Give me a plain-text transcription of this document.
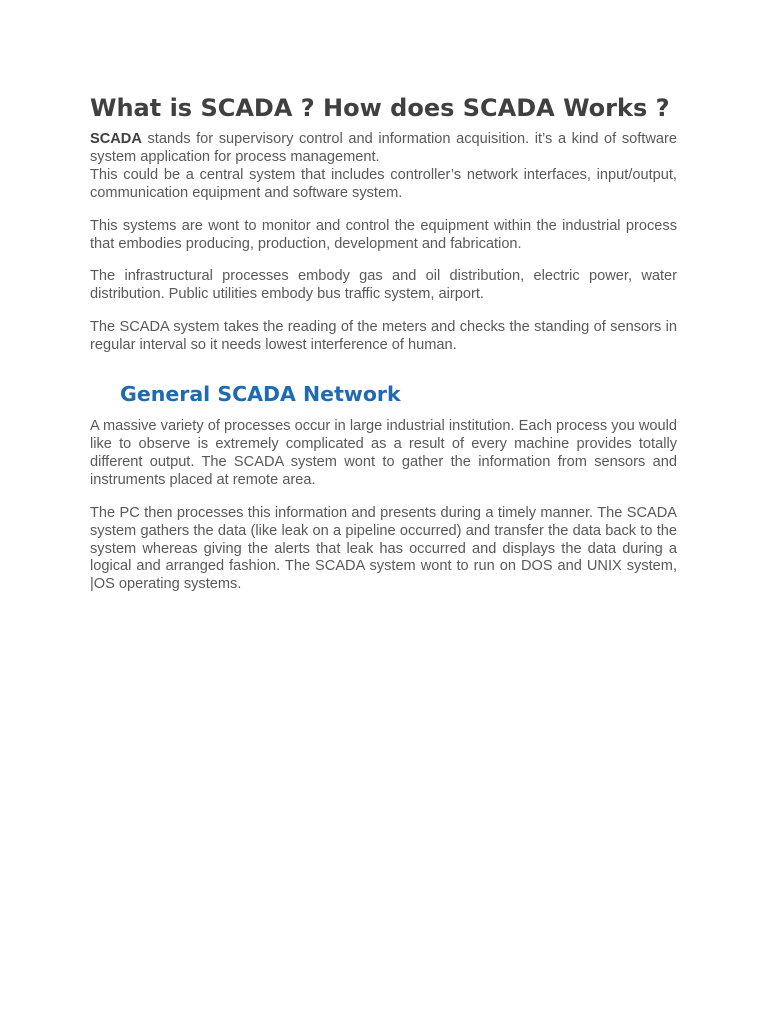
What is SCADA ? How does SCADA Works ?

SCADA stands for supervisory control and information acquisition. it’s a kind of software system application for process management.

This could be a central system that includes controller’s network interfaces, input/output, communication equipment and software system.

This systems are wont to monitor and control the equipment within the industrial process that embodies producing, production, development and fabrication.

The infrastructural processes embody gas and oil distribution, electric power, water distribution. Public utilities embody bus traffic system, airport.

The SCADA system takes the reading of the meters and checks the standing of sensors in regular interval so it needs lowest interference of human.

General SCADA Network

A massive variety of processes occur in large industrial institution. Each process you would like to observe is extremely complicated as a result of every machine provides totally different output. The SCADA system wont to gather the information from sensors and instruments placed at remote area.

The PC then processes this information and presents during a timely manner. The SCADA system gathers the data (like leak on a pipeline occurred) and transfer the data back to the system whereas giving the alerts that leak has occurred and displays the data during a logical and arranged fashion. The SCADA system wont to run on DOS and UNIX system, |OS operating systems.
